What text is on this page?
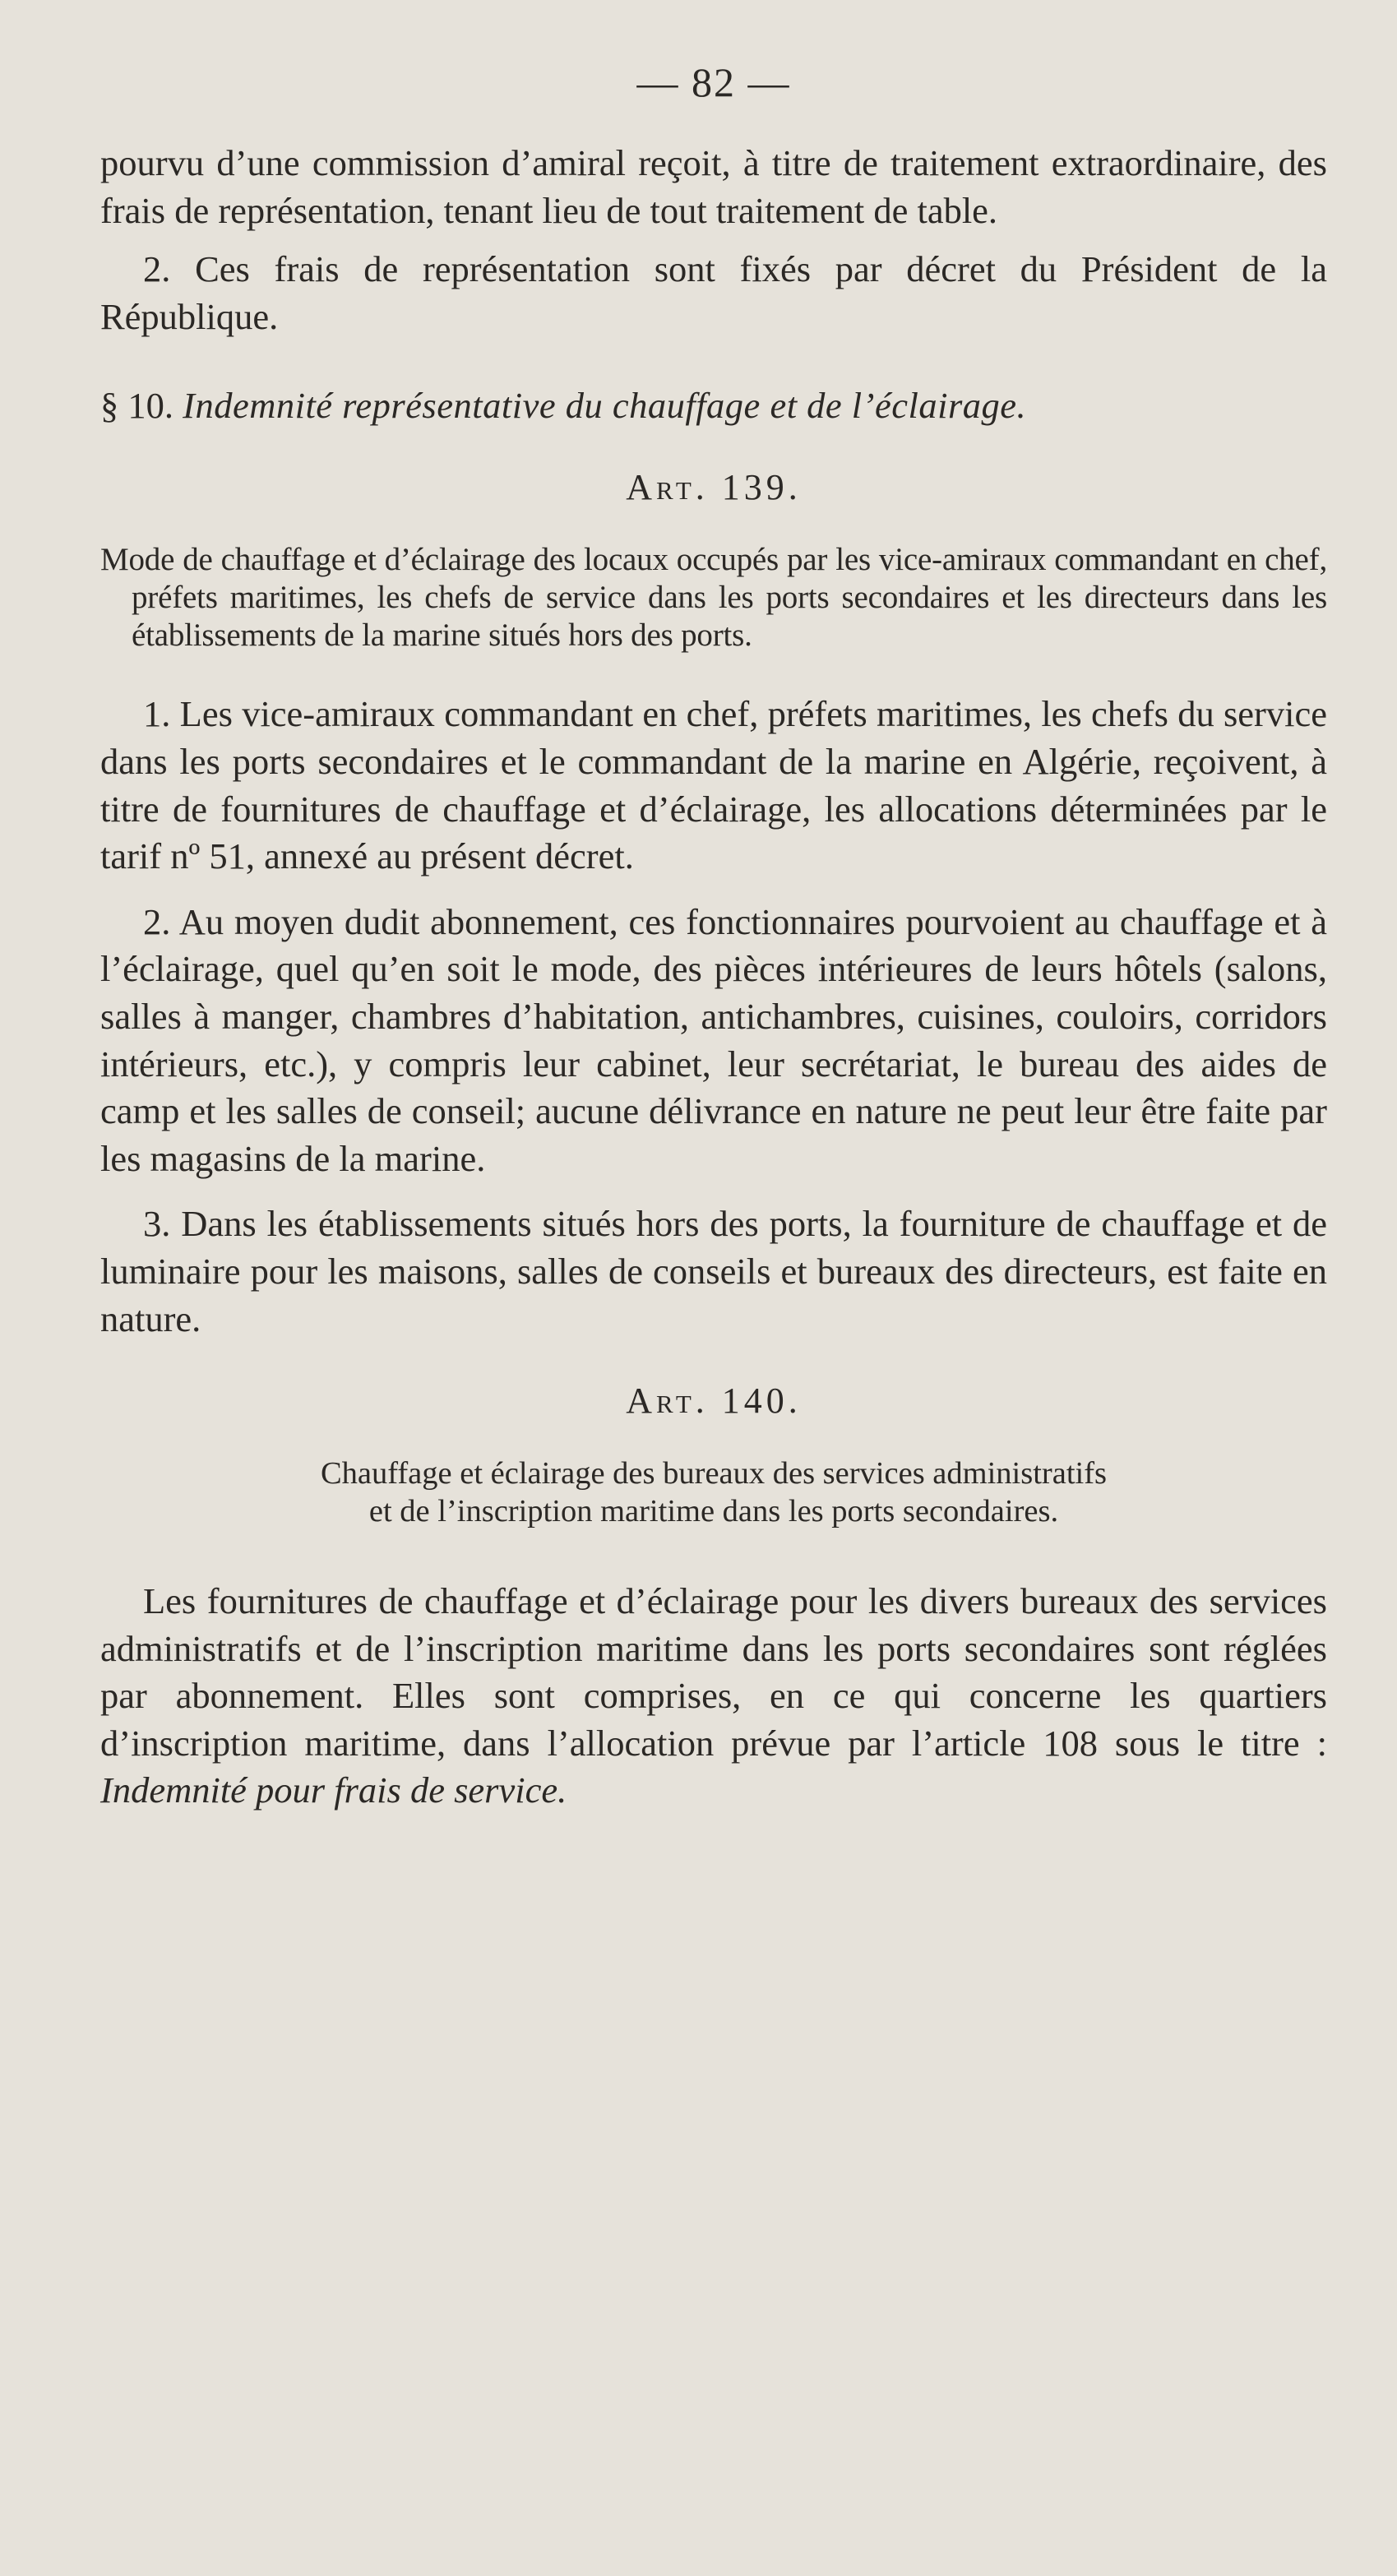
— 82 —

pourvu d’une commission d’amiral reçoit, à titre de traitement extraordinaire, des frais de représentation, tenant lieu de tout traitement de table.

2. Ces frais de représentation sont fixés par décret du Président de la République.

§ 10. Indemnité représentative du chauffage et de l’éclairage.
Art. 139.

Mode de chauffage et d’éclairage des locaux occupés par les vice-amiraux commandant en chef, préfets maritimes, les chefs de service dans les ports secondaires et les directeurs dans les établissements de la marine situés hors des ports.

1. Les vice-amiraux commandant en chef, préfets maritimes, les chefs du service dans les ports secondaires et le commandant de la marine en Algérie, reçoivent, à titre de fournitures de chauffage et d’éclairage, les allocations déterminées par le tarif nº 51, annexé au présent décret.

2. Au moyen dudit abonnement, ces fonctionnaires pourvoient au chauffage et à l’éclairage, quel qu’en soit le mode, des pièces intérieures de leurs hôtels (salons, salles à manger, chambres d’habitation, antichambres, cuisines, couloirs, corridors intérieurs, etc.), y compris leur cabinet, leur secrétariat, le bureau des aides de camp et les salles de conseil; aucune délivrance en nature ne peut leur être faite par les magasins de la marine.

3. Dans les établissements situés hors des ports, la fourniture de chauffage et de luminaire pour les maisons, salles de conseils et bureaux des directeurs, est faite en nature.

Art. 140.
Chauffage et éclairage des bureaux des services administratifs
et de l’inscription maritime dans les ports secondaires.

Les fournitures de chauffage et d’éclairage pour les divers bureaux des services administratifs et de l’inscription maritime dans les ports secondaires sont réglées par abonnement. Elles sont comprises, en ce qui concerne les quartiers d’inscription maritime, dans l’allocation prévue par l’article 108 sous le titre : Indemnité pour frais de service.
